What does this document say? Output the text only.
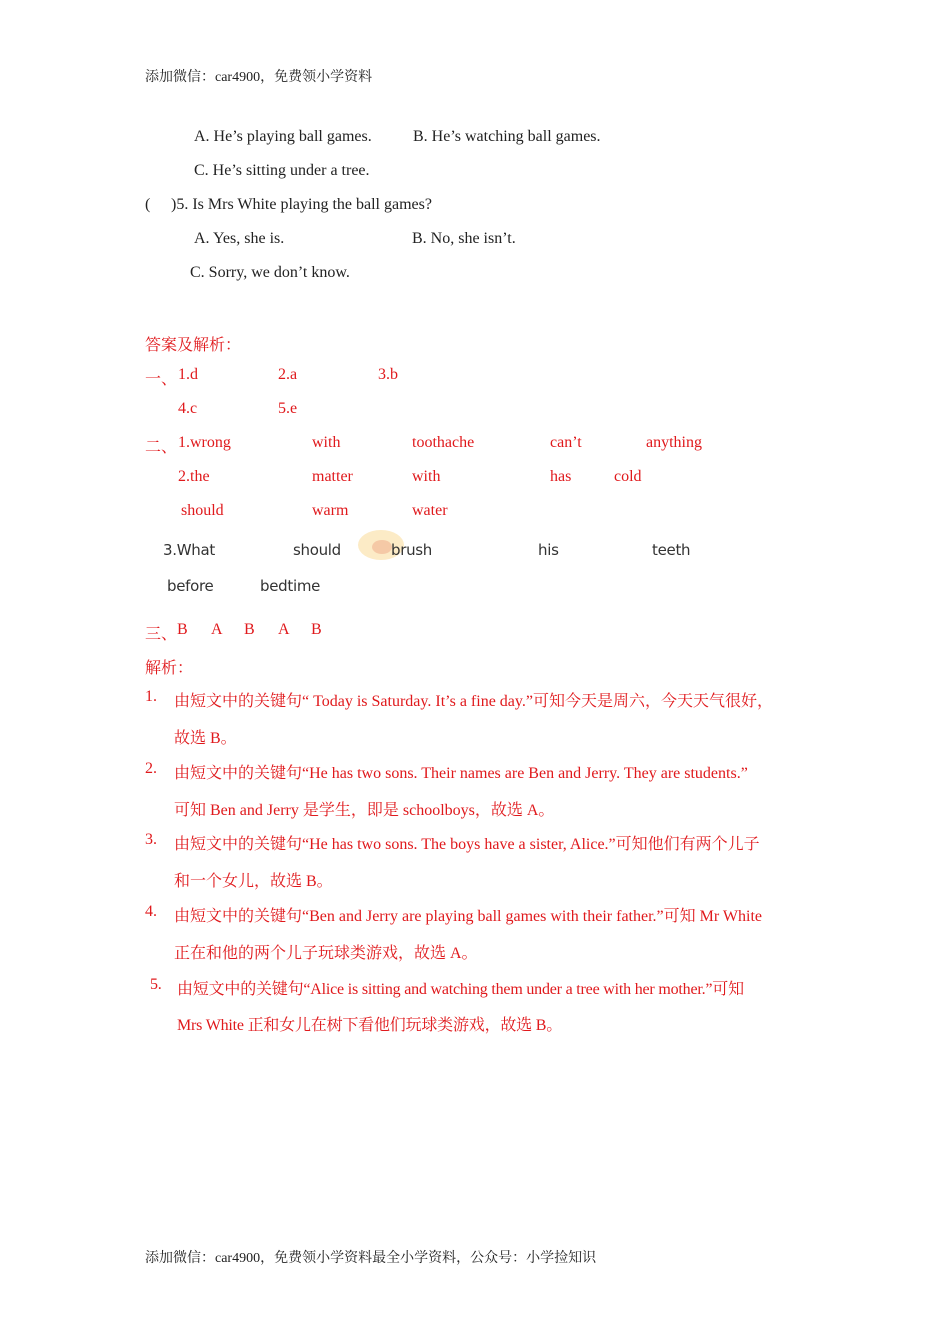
添加微信：car4900，免费领小学资料
A. He’s playing ball games.	B. He’s watching ball games.
C. He’s sitting under a tree.
( )5. Is Mrs White playing the ball games?
A. Yes, she is.	B. No, she isn’t.
C. Sorry, we don’t know.
答案及解析：
一、 1.d	2.a	3.b
4.c	5.e
二、 1.wrong	with	toothache	can’t	anything
2.the	matter	with	has	cold
should	warm	water
3.What	should	brush	his	teeth
before	bedtime
三、 B A B A B
解析：
1. 由短文中的关键句“ Today is Saturday. It’s a fine day.”可知今天是周六，今天天气很好，
故选 B。
2. 由短文中的关键句“He has two sons. Their names are Ben and Jerry. They are students.”
可知 Ben and Jerry 是学生，即是 schoolboys，故选 A。
3. 由短文中的关键句“He has two sons. The boys have a sister, Alice.”可知他们有两个儿子
和一个女儿，故选 B。
4. 由短文中的关键句“Ben and Jerry are playing ball games with their father.”可知 Mr White
正在和他的两个儿子玩球类游戏，故选 A。
5. 由短文中的关键句“Alice is sitting and watching them under a tree with her mother.”可知
Mrs White 正和女儿在树下看他们玩球类游戏，故选 B。
添加微信：car4900，免费领小学资料最全小学资料，公众号：小学捡知识
